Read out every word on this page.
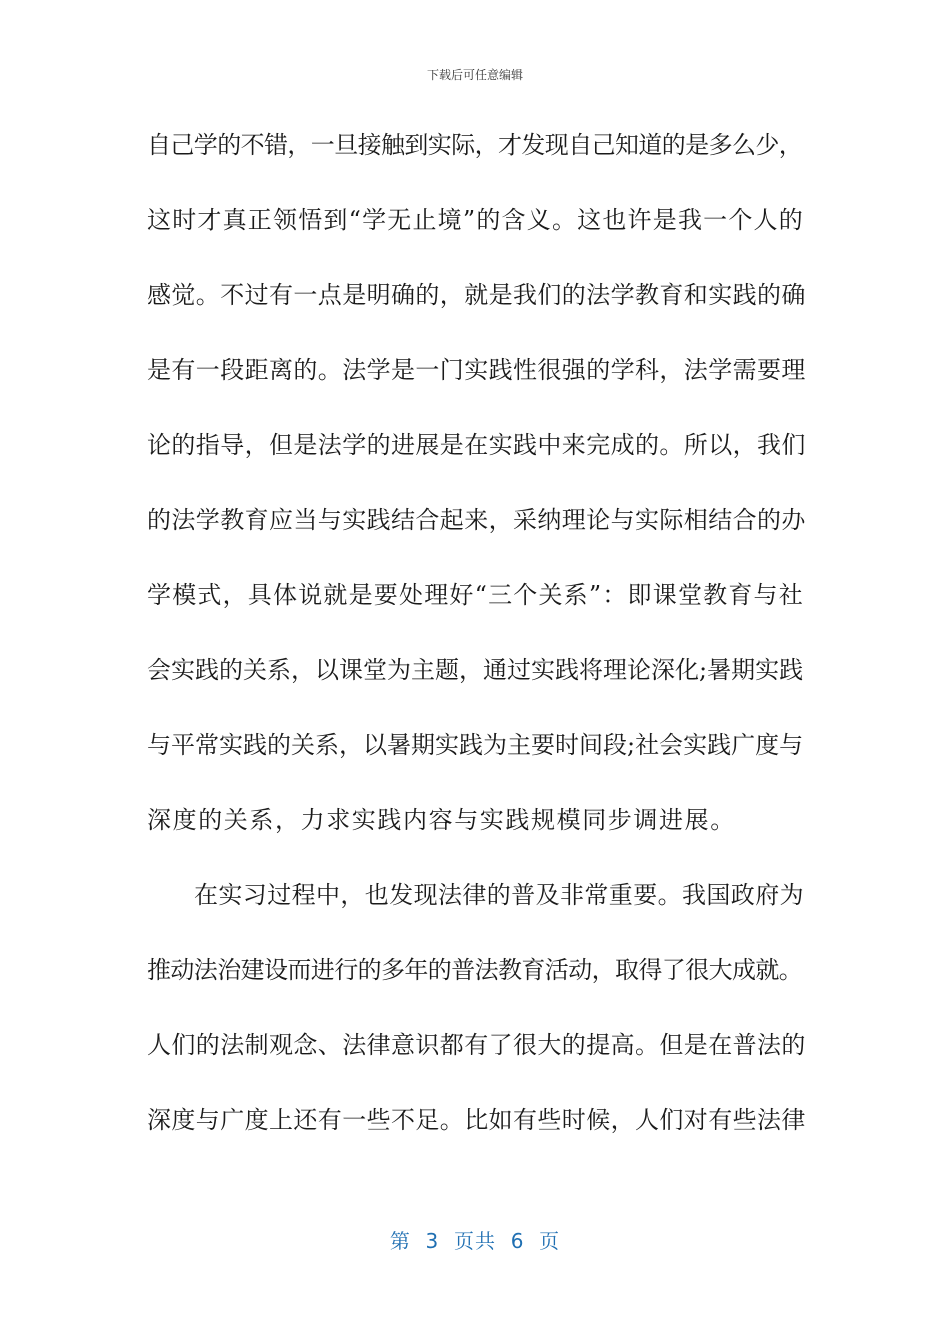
下载后可任意编辑
自己学的不错，一旦接触到实际，才发现自己知道的是多么少，
这时才真正领悟到“学无止境”的含义。这也许是我一个人的
感觉。不过有一点是明确的，就是我们的法学教育和实践的确
是有一段距离的。法学是一门实践性很强的学科，法学需要理
论的指导，但是法学的进展是在实践中来完成的。所以，我们
的法学教育应当与实践结合起来，采纳理论与实际相结合的办
学模式，具体说就是要处理好“三个关系”：即课堂教育与社
会实践的关系，以课堂为主题，通过实践将理论深化;暑期实践
与平常实践的关系，以暑期实践为主要时间段;社会实践广度与
深度的关系，力求实践内容与实践规模同步调进展。
在实习过程中，也发现法律的普及非常重要。我国政府为
推动法治建设而进行的多年的普法教育活动，取得了很大成就。
人们的法制观念、法律意识都有了很大的提高。但是在普法的
深度与广度上还有一些不足。比如有些时候，人们对有些法律
第  3  页共  6  页
